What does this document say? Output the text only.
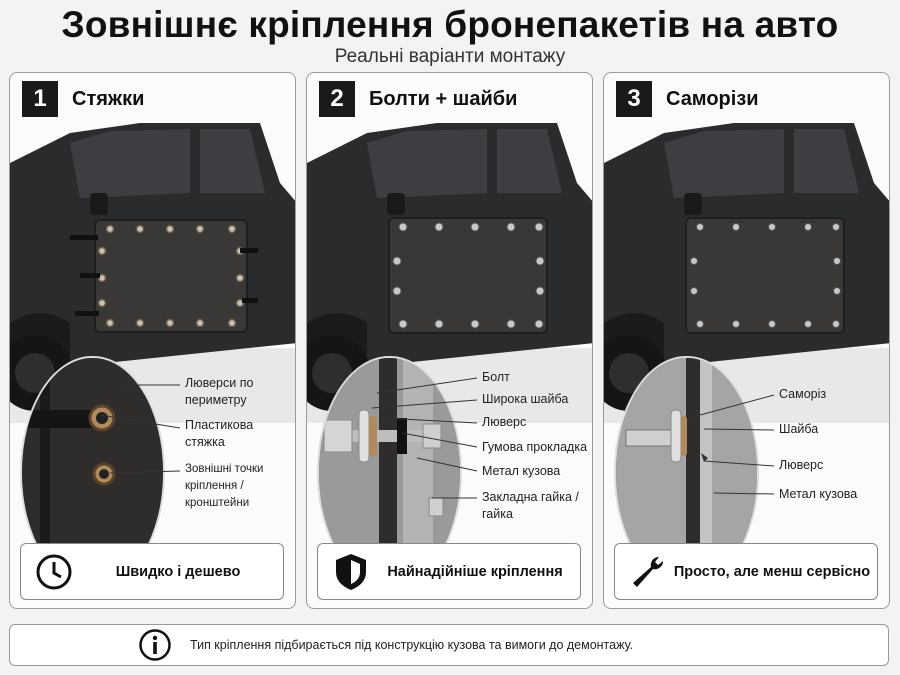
Зовнішнє кріплення бронепакетів на авто
Реальні варіанти монтажу
1	Стяжки
Люверси по периметру
Пластикова стяжка
Зовнішні точки кріплення / кронштейни
Швидко і дешево
2	Болти + шайби
Болт
Широка шайба
Люверс
Гумова прокладка
Метал кузова
Закладна гайка / гайка
Найнадійніше кріплення
3	Саморізи
Саморіз
Шайба
Люверс
Метал кузова
Просто, але менш сервісно
Тип кріплення підбирається під конструкцію кузова та вимоги до демонтажу.
